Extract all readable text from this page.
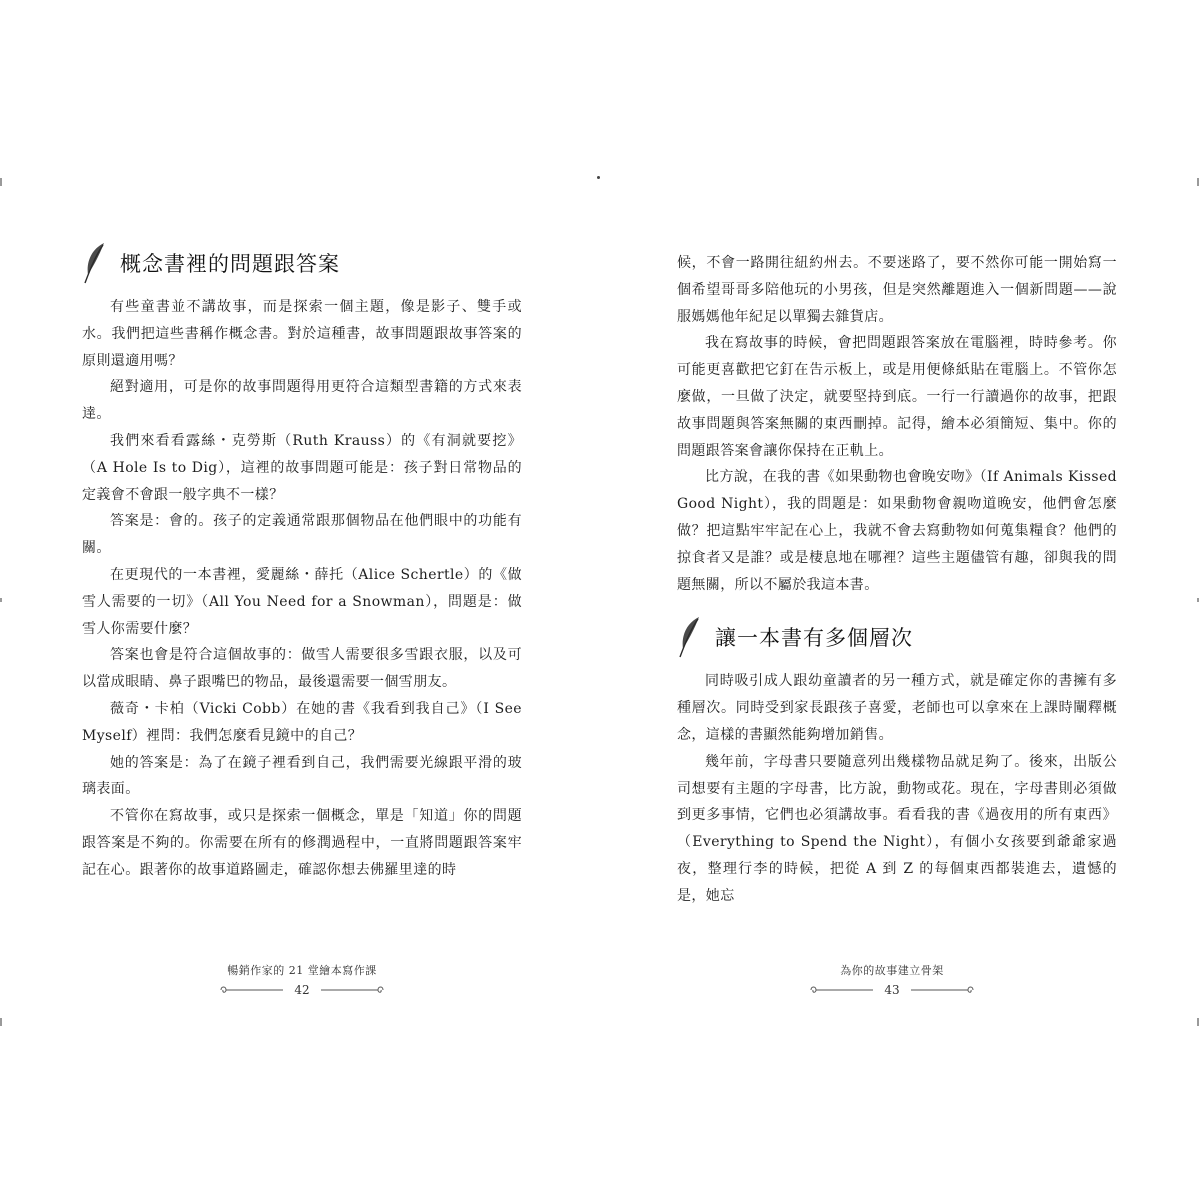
概念書裡的問題跟答案

有些童書並不講故事，而是探索一個主題，像是影子、雙手或水。我們把這些書稱作概念書。對於這種書，故事問題跟故事答案的原則還適用嗎？

絕對適用，可是你的故事問題得用更符合這類型書籍的方式來表達。

我們來看看露絲・克勞斯（Ruth Krauss）的《有洞就要挖》（A Hole Is to Dig），這裡的故事問題可能是：孩子對日常物品的定義會不會跟一般字典不一樣？

答案是：會的。孩子的定義通常跟那個物品在他們眼中的功能有關。

在更現代的一本書裡，愛麗絲・薛托（Alice Schertle）的《做雪人需要的一切》（All You Need for a Snowman），問題是：做雪人你需要什麼？

答案也會是符合這個故事的：做雪人需要很多雪跟衣服，以及可以當成眼睛、鼻子跟嘴巴的物品，最後還需要一個雪朋友。

薇奇・卡柏（Vicki Cobb）在她的書《我看到我自己》（I See Myself）裡問：我們怎麼看見鏡中的自己？

她的答案是：為了在鏡子裡看到自己，我們需要光線跟平滑的玻璃表面。

不管你在寫故事，或只是探索一個概念，單是「知道」你的問題跟答案是不夠的。你需要在所有的修潤過程中，一直將問題跟答案牢記在心。跟著你的故事道路圖走，確認你想去佛羅里達的時

暢銷作家的 21 堂繪本寫作課
42

候，不會一路開往紐約州去。不要迷路了，要不然你可能一開始寫一個希望哥哥多陪他玩的小男孩，但是突然離題進入一個新問題——說服媽媽他年紀足以單獨去雜貨店。

我在寫故事的時候，會把問題跟答案放在電腦裡，時時參考。你可能更喜歡把它釘在告示板上，或是用便條紙貼在電腦上。不管你怎麼做，一旦做了決定，就要堅持到底。一行一行讀過你的故事，把跟故事問題與答案無關的東西刪掉。記得，繪本必須簡短、集中。你的問題跟答案會讓你保持在正軌上。

比方說，在我的書《如果動物也會晚安吻》（If Animals Kissed Good Night），我的問題是：如果動物會親吻道晚安，他們會怎麼做？把這點牢牢記在心上，我就不會去寫動物如何蒐集糧食？他們的掠食者又是誰？或是棲息地在哪裡？這些主題儘管有趣，卻與我的問題無關，所以不屬於我這本書。

讓一本書有多個層次

同時吸引成人跟幼童讀者的另一種方式，就是確定你的書擁有多種層次。同時受到家長跟孩子喜愛，老師也可以拿來在上課時闡釋概念，這樣的書顯然能夠增加銷售。

幾年前，字母書只要隨意列出幾樣物品就足夠了。後來，出版公司想要有主題的字母書，比方說，動物或花。現在，字母書則必須做到更多事情，它們也必須講故事。看看我的書《過夜用的所有東西》（Everything to Spend the Night），有個小女孩要到爺爺家過夜，整理行李的時候，把從 A 到 Z 的每個東西都裝進去，遺憾的是，她忘

為你的故事建立骨架
43
